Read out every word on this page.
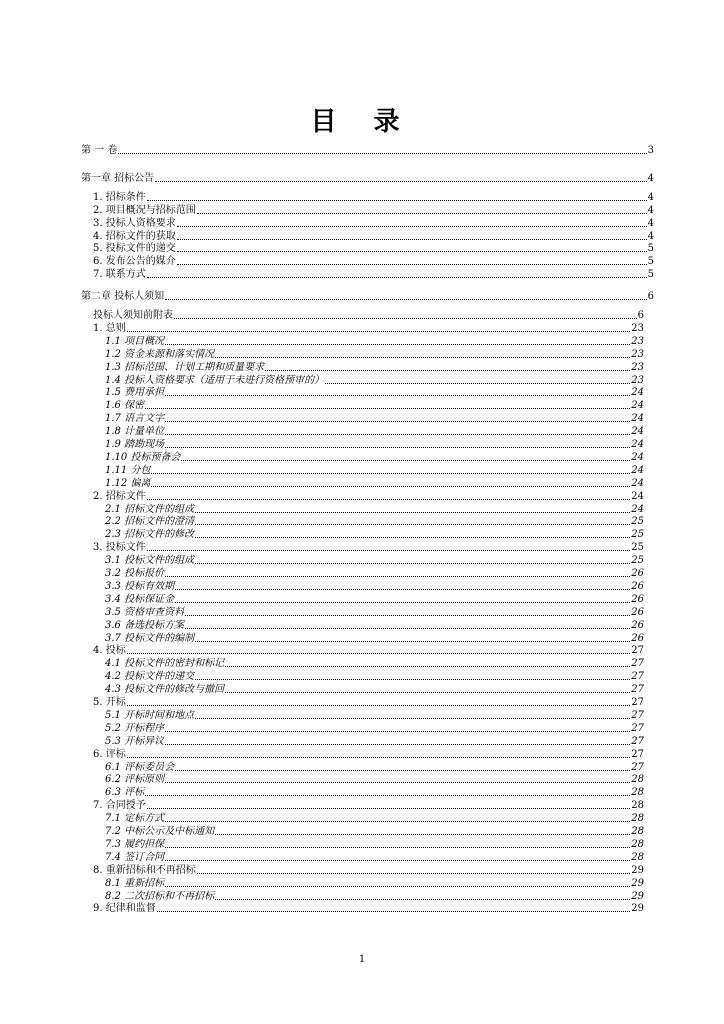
目 录
第 一 卷	3
第一章 招标公告	4
1. 招标条件	4
2. 项目概况与招标范围	4
3. 投标人资格要求	4
4. 招标文件的获取	4
5. 投标文件的递交	5
6. 发布公告的媒介	5
7. 联系方式	5
第二章 投标人须知	6
投标人须知前附表	6
1. 总则	23
1.1 项目概况	23
1.2 资金来源和落实情况	23
1.3 招标范围、计划工期和质量要求	23
1.4 投标人资格要求（适用于未进行资格预审的）	23
1.5 费用承担	24
1.6 保密	24
1.7 语言文字	24
1.8 计量单位	24
1.9 踏勘现场	24
1.10 投标预备会	24
1.11 分包	24
1.12 偏离	24
2. 招标文件	24
2.1 招标文件的组成	24
2.2 招标文件的澄清	25
2.3 招标文件的修改	25
3. 投标文件	25
3.1 投标文件的组成	25
3.2 投标报价	26
3.3 投标有效期	26
3.4 投标保证金	26
3.5 资格审查资料	26
3.6 备选投标方案	26
3.7 投标文件的编制	26
4. 投标	27
4.1 投标文件的密封和标记	27
4.2 投标文件的递交	27
4.3 投标文件的修改与撤回	27
5. 开标	27
5.1 开标时间和地点	27
5.2 开标程序	27
5.3 开标异议	27
6. 评标	27
6.1 评标委员会	27
6.2 评标原则	28
6.3 评标	28
7. 合同授予	28
7.1 定标方式	28
7.2 中标公示及中标通知	28
7.3 履约担保	28
7.4 签订合同	28
8. 重新招标和不再招标	29
8.1 重新招标	29
8.2 二次招标和不再招标	29
9. 纪律和监督	29
1
